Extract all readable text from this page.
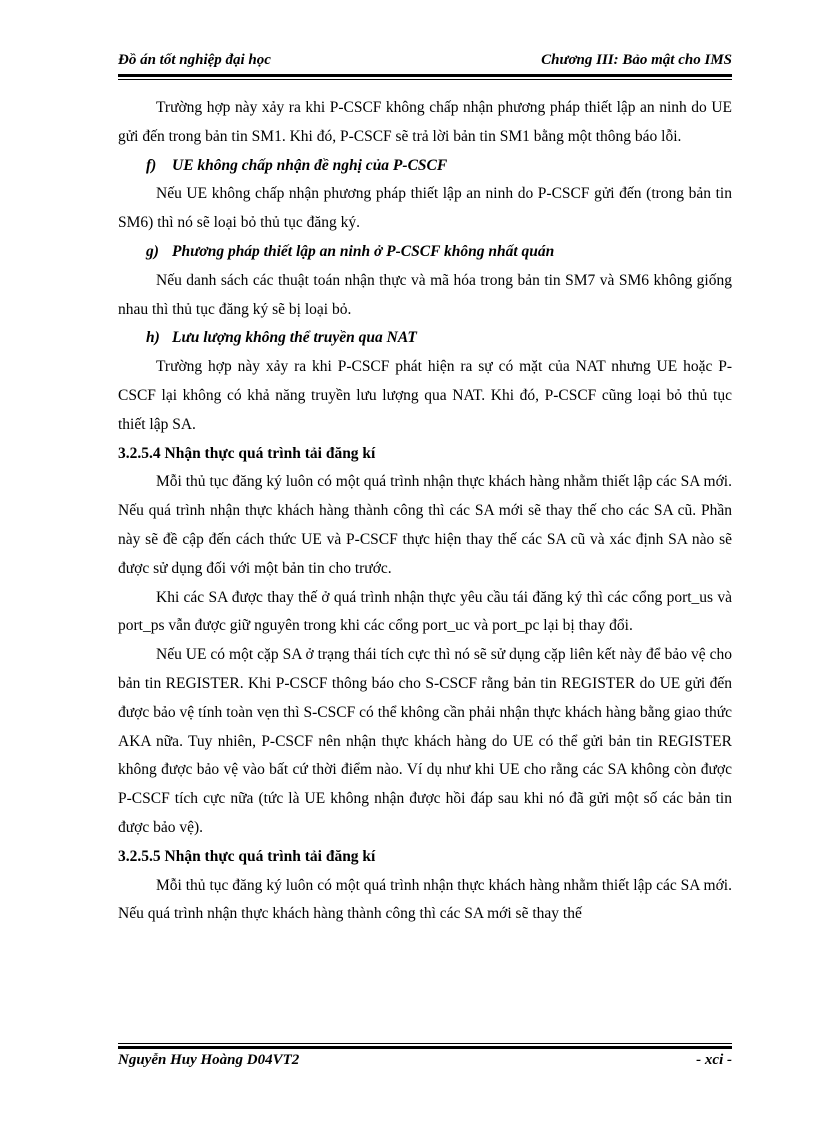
Đồ án tốt nghiệp đại học	Chương III: Bảo mật cho IMS

Trường hợp này xảy ra khi P-CSCF không chấp nhận phương pháp thiết lập an ninh do UE gửi đến trong bản tin SM1. Khi đó, P-CSCF sẽ trả lời bản tin SM1 bằng một thông báo lỗi.

f) UE không chấp nhận đề nghị của P-CSCF

Nếu UE không chấp nhận phương pháp thiết lập an ninh do P-CSCF gửi đến (trong bản tin SM6) thì nó sẽ loại bỏ thủ tục đăng ký.

g) Phương pháp thiết lập an ninh ở P-CSCF không nhất quán

Nếu danh sách các thuật toán nhận thực và mã hóa trong bản tin SM7 và SM6 không giống nhau thì thủ tục đăng ký sẽ bị loại bỏ.

h) Lưu lượng không thể truyền qua NAT

Trường hợp này xảy ra khi P-CSCF phát hiện ra sự có mặt của NAT nhưng UE hoặc P-CSCF lại không có khả năng truyền lưu lượng qua NAT. Khi đó, P-CSCF cũng loại bỏ thủ tục thiết lập SA.

3.2.5.4 Nhận thực quá trình tải đăng kí

Mỗi thủ tục đăng ký luôn có một quá trình nhận thực khách hàng nhằm thiết lập các SA mới. Nếu quá trình nhận thực khách hàng thành công thì các SA mới sẽ thay thế cho các SA cũ. Phần này sẽ đề cập đến cách thức UE và P-CSCF thực hiện thay thế các SA cũ và xác định SA nào sẽ được sử dụng đối với một bản tin cho trước.

Khi các SA được thay thế ở quá trình nhận thực yêu cầu tái đăng ký thì các cổng port_us và port_ps vẫn được giữ nguyên trong khi các cổng port_uc và port_pc lại bị thay đổi.

Nếu UE có một cặp SA ở trạng thái tích cực thì nó sẽ sử dụng cặp liên kết này để bảo vệ cho bản tin REGISTER. Khi P-CSCF thông báo cho S-CSCF rằng bản tin REGISTER do UE gửi đến được bảo vệ tính toàn vẹn thì S-CSCF có thể không cần phải nhận thực khách hàng bằng giao thức AKA nữa. Tuy nhiên, P-CSCF nên nhận thực khách hàng do UE có thể gửi bản tin REGISTER không được bảo vệ vào bất cứ thời điểm nào. Ví dụ như khi UE cho rằng các SA không còn được P-CSCF tích cực nữa (tức là UE không nhận được hồi đáp sau khi nó đã gửi một số các bản tin được bảo vệ).

3.2.5.5 Nhận thực quá trình tải đăng kí

Mỗi thủ tục đăng ký luôn có một quá trình nhận thực khách hàng nhằm thiết lập các SA mới. Nếu quá trình nhận thực khách hàng thành công thì các SA mới sẽ thay thế

Nguyễn Huy Hoàng D04VT2	- xci -
